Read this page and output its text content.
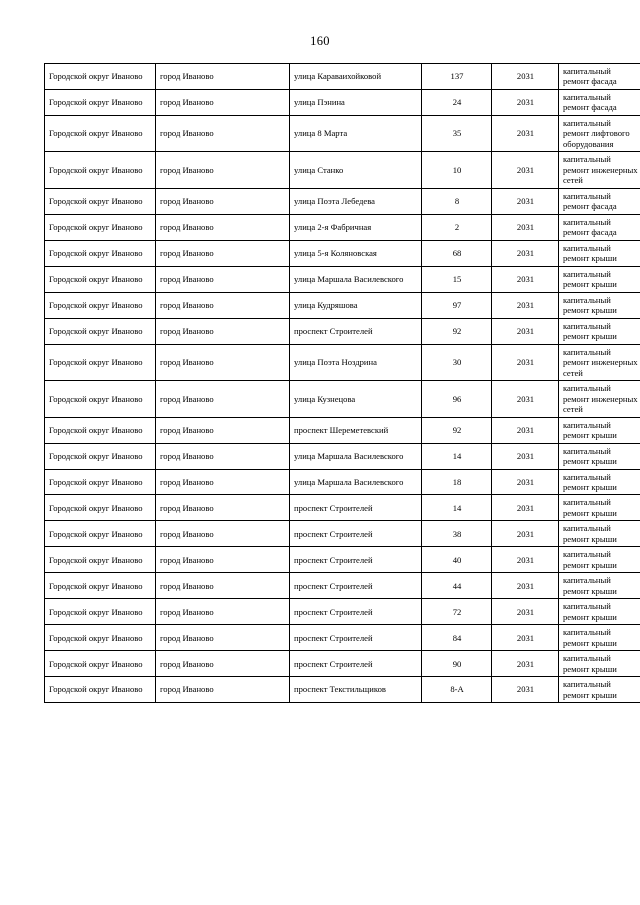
160
Городской округ Иваново	город Иваново	улица Караваихойковой	137	2031	капитальный ремонт фасада
Городской округ Иваново	город Иваново	улица Пэнина	24	2031	капитальный ремонт фасада
Городской округ Иваново	город Иваново	улица 8 Марта	35	2031	капитальный ремонт лифтового оборудования
Городской округ Иваново	город Иваново	улица Станко	10	2031	капитальный ремонт инженерных сетей
Городской округ Иваново	город Иваново	улица Поэта Лебедева	8	2031	капитальный ремонт фасада
Городской округ Иваново	город Иваново	улица 2-я Фабричная	2	2031	капитальный ремонт фасада
Городской округ Иваново	город Иваново	улица 5-я Коляновская	68	2031	капитальный ремонт крыши
Городской округ Иваново	город Иваново	улица Маршала Василевского	15	2031	капитальный ремонт крыши
Городской округ Иваново	город Иваново	улица Кудряшова	97	2031	капитальный ремонт крыши
Городской округ Иваново	город Иваново	проспект Строителей	92	2031	капитальный ремонт крыши
Городской округ Иваново	город Иваново	улица Поэта Ноздрина	30	2031	капитальный ремонт инженерных сетей
Городской округ Иваново	город Иваново	улица Кузнецова	96	2031	капитальный ремонт инженерных сетей
Городской округ Иваново	город Иваново	проспект Шереметевский	92	2031	капитальный ремонт крыши
Городской округ Иваново	город Иваново	улица Маршала Василевского	14	2031	капитальный ремонт крыши
Городской округ Иваново	город Иваново	улица Маршала Василевского	18	2031	капитальный ремонт крыши
Городской округ Иваново	город Иваново	проспект Строителей	14	2031	капитальный ремонт крыши
Городской округ Иваново	город Иваново	проспект Строителей	38	2031	капитальный ремонт крыши
Городской округ Иваново	город Иваново	проспект Строителей	40	2031	капитальный ремонт крыши
Городской округ Иваново	город Иваново	проспект Строителей	44	2031	капитальный ремонт крыши
Городской округ Иваново	город Иваново	проспект Строителей	72	2031	капитальный ремонт крыши
Городской округ Иваново	город Иваново	проспект Строителей	84	2031	капитальный ремонт крыши
Городской округ Иваново	город Иваново	проспект Строителей	90	2031	капитальный ремонт крыши
Городской округ Иваново	город Иваново	проспект Текстильщиков	8-А	2031	капитальный ремонт крыши
